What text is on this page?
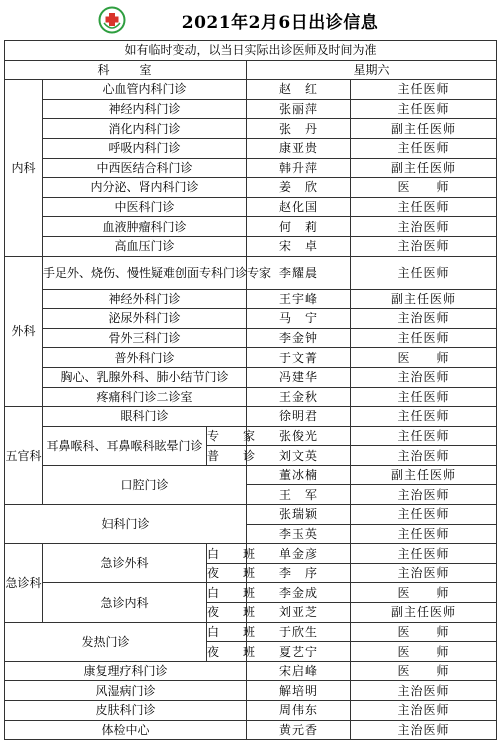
2021年2月6日出诊信息
如有临时变动，以当日实际出诊医师及时间为准				
科　　室			星期六	
内科	心血管内科门诊		赵　红	主任医师
	神经内科门诊		张丽萍	主任医师
	消化内科门诊		张　丹	副主任医师
	呼吸内科门诊		康亚贵	主任医师
	中西医结合科门诊		韩升萍	副主任医师
	内分泌、肾内科门诊		姜　欣	医　　师
	中医科门诊		赵化国	主任医师
	血液肿瘤科门诊		何　莉	主治医师
	高血压门诊		宋　卓	主治医师
外科	手足外、烧伤、慢性疑难创面专科门诊专家		李耀晨	主任医师
	神经外科门诊		王宇峰	副主任医师
	泌尿外科门诊		马　宁	主治医师
	骨外三科门诊		李金钟	主任医师
	普外科门诊		于文菁	医　　师
	胸心、乳腺外科、肺小结节门诊		冯建华	主治医师
	疼痛科门诊二诊室		王金秋	主任医师
五官科	眼科门诊		徐明君	主任医师
	耳鼻喉科、耳鼻喉科眩晕门诊	专　　家	张俊光	主任医师
		普　　诊	刘文英	主治医师
	口腔门诊		董冰楠	副主任医师
			王　军	主治医师
妇科门诊			张瑞颖	主任医师
			李玉英	主任医师
急诊科	急诊外科	白　　班	单金彦	主任医师
		夜　　班	李　序	主治医师
	急诊内科	白　　班	李金成	医　　师
		夜　　班	刘亚芝	副主任医师
发热门诊		白　　班	于欣生	医　　师
		夜　　班	夏艺宁	医　　师
康复理疗科门诊			宋启峰	医　　师
风湿病门诊			解培明	主治医师
皮肤科门诊			周伟东	主治医师
体检中心			黄元香	主治医师
